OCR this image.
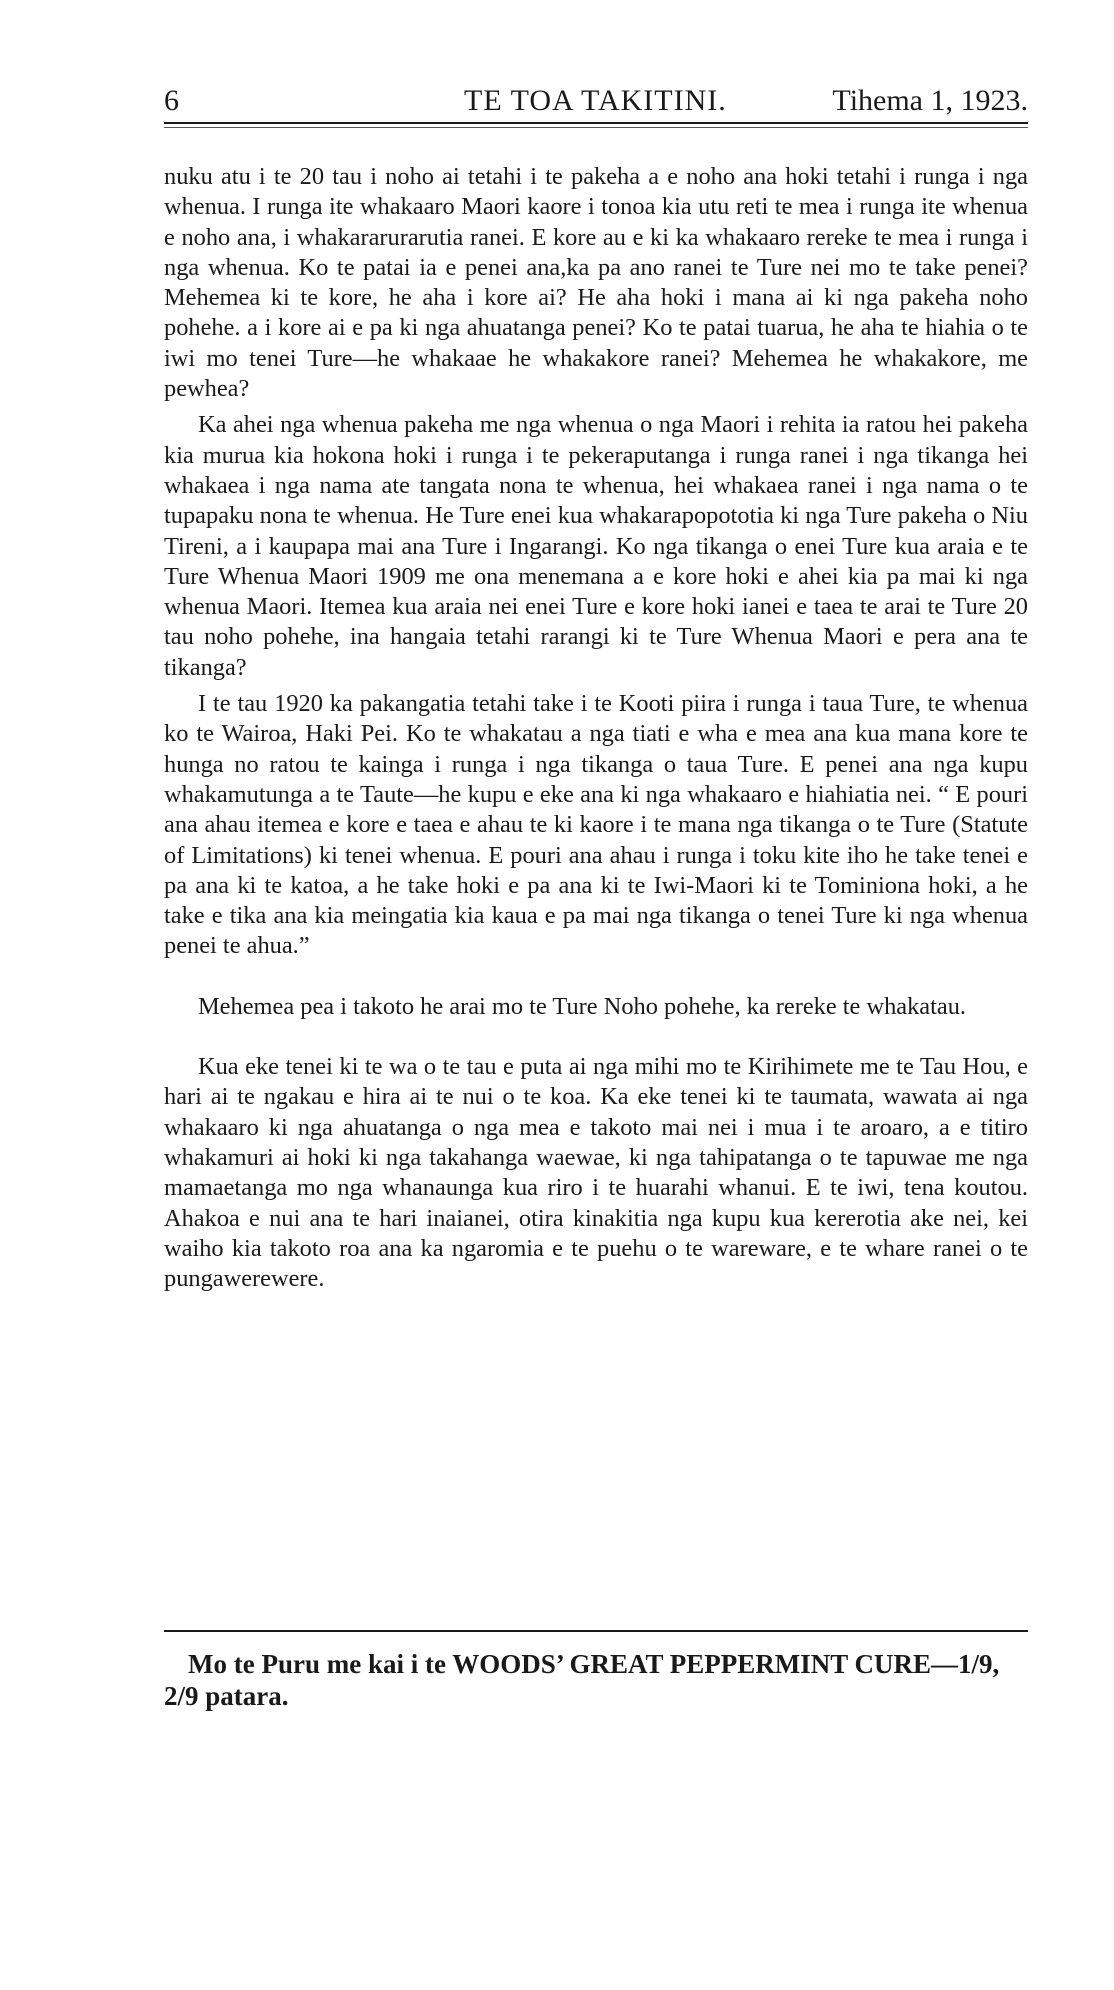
6	TE TOA TAKITINI.	Tihema 1, 1923.

nuku atu i te 20 tau i noho ai tetahi i te pakeha a e noho ana hoki tetahi i runga i nga whenua. I runga ite whakaaro Maori kaore i tonoa kia utu reti te mea i runga ite whenua e noho ana, i whakararurarutia ranei. E kore au e ki ka whakaaro rereke te mea i runga i nga whenua. Ko te patai ia e penei ana,ka pa ano ranei te Ture nei mo te take penei? Mehemea ki te kore, he aha i kore ai? He aha hoki i mana ai ki nga pakeha noho pohehe. a i kore ai e pa ki nga ahuatanga penei? Ko te patai tuarua, he aha te hiahia o te iwi mo tenei Ture—he whakaae he whakakore ranei? Mehemea he whakakore, me pewhea?

Ka ahei nga whenua pakeha me nga whenua o nga Maori i rehita ia ratou hei pakeha kia murua kia hokona hoki i runga i te pekeraputanga i runga ranei i nga tikanga hei whakaea i nga nama ate tangata nona te whenua, hei whakaea ranei i nga nama o te tupapaku nona te whenua. He Ture enei kua whakarapopototia ki nga Ture pakeha o Niu Tireni, a i kaupapa mai ana Ture i Ingarangi. Ko nga tikanga o enei Ture kua araia e te Ture Whenua Maori 1909 me ona menemana a e kore hoki e ahei kia pa mai ki nga whenua Maori. Itemea kua araia nei enei Ture e kore hoki ianei e taea te arai te Ture 20 tau noho pohehe, ina hangaia tetahi rarangi ki te Ture Whenua Maori e pera ana te tikanga?

I te tau 1920 ka pakangatia tetahi take i te Kooti piira i runga i taua Ture, te whenua ko te Wairoa, Haki Pei. Ko te whakatau a nga tiati e wha e mea ana kua mana kore te hunga no ratou te kainga i runga i nga tikanga o taua Ture. E penei ana nga kupu whakamutunga a te Taute—he kupu e eke ana ki nga whakaaro e hiahiatia nei. “ E pouri ana ahau itemea e kore e taea e ahau te ki kaore i te mana nga tikanga o te Ture (Statute of Limitations) ki tenei whenua. E pouri ana ahau i runga i toku kite iho he take tenei e pa ana ki te katoa, a he take hoki e pa ana ki te Iwi-Maori ki te Tominiona hoki, a he take e tika ana kia meingatia kia kaua e pa mai nga tikanga o tenei Ture ki nga whenua penei te ahua.”

Mehemea pea i takoto he arai mo te Ture Noho pohehe, ka rereke te whakatau.

Kua eke tenei ki te wa o te tau e puta ai nga mihi mo te Kirihimete me te Tau Hou, e hari ai te ngakau e hira ai te nui o te koa. Ka eke tenei ki te taumata, wawata ai nga whakaaro ki nga ahuatanga o nga mea e takoto mai nei i mua i te aroaro, a e titiro whakamuri ai hoki ki nga takahanga waewae, ki nga tahipatanga o te tapuwae me nga mamaetanga mo nga whanaunga kua riro i te huarahi whanui. E te iwi, tena koutou. Ahakoa e nui ana te hari inaianei, otira kinakitia nga kupu kua kererotia ake nei, kei waiho kia takoto roa ana ka ngaromia e te puehu o te wareware, e te whare ranei o te pungawerewere.

Mo te Puru me kai i te WOODS’ GREAT PEPPERMINT CURE—1/9, 2/9 patara.
